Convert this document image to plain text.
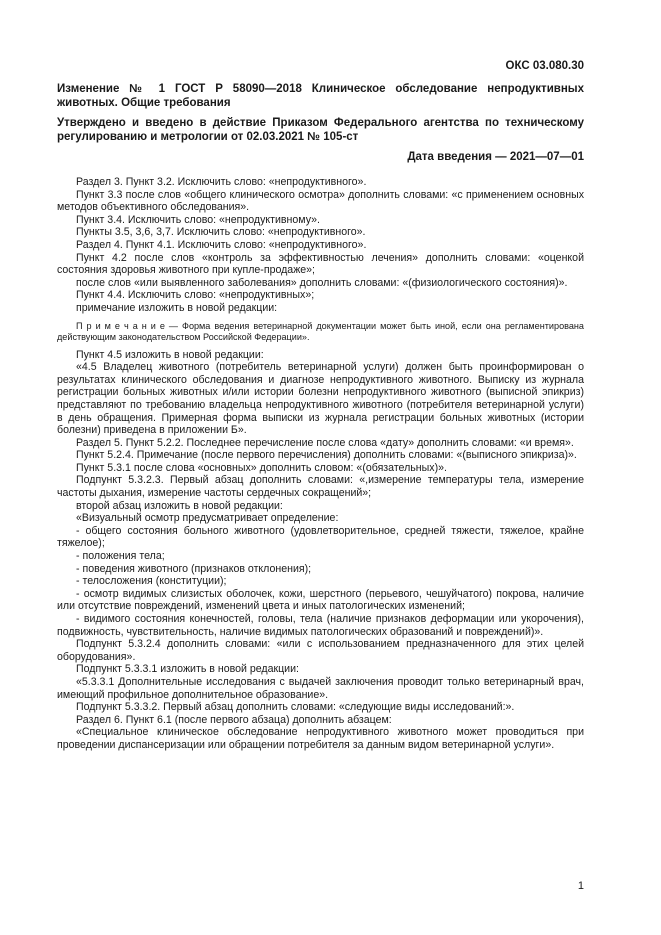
ОКС 03.080.30
Изменение № 1 ГОСТ Р 58090—2018 Клиническое обследование непродуктивных животных. Общие требования
Утверждено и введено в действие Приказом Федерального агентства по техническому регулированию и метрологии от 02.03.2021 № 105-ст
Дата введения — 2021—07—01

Раздел 3. Пункт 3.2. Исключить слово: «непродуктивного».

Пункт 3.3 после слов «общего клинического осмотра» дополнить словами: «с применением основных методов объективного обследования».

Пункт 3.4. Исключить слово: «непродуктивному».

Пункты 3.5, 3,6, 3,7. Исключить слово: «непродуктивного».

Раздел 4. Пункт 4.1. Исключить слово: «непродуктивного».

Пункт 4.2 после слов «контроль за эффективностью лечения» дополнить словами: «оценкой состояния здоровья животного при купле-продаже»;

после слов «или выявленного заболевания» дополнить словами: «(физиологического состояния)».

Пункт 4.4. Исключить слово: «непродуктивных»;

примечание изложить в новой редакции:

П р и м е ч а н и е — Форма ведения ветеринарной документации может быть иной, если она регламентирована действующим законодательством Российской Федерации».

Пункт 4.5 изложить в новой редакции:

«4.5 Владелец животного (потребитель ветеринарной услуги) должен быть проинформирован о результатах клинического обследования и диагнозе непродуктивного животного. Выписку из журнала регистрации больных животных и/или истории болезни непродуктивного животного (выписной эпикриз) представляют по требованию владельца непродуктивного животного (потребителя ветеринарной услуги) в день обращения. Примерная форма выписки из журнала регистрации больных животных (истории болезни) приведена в приложении Б».

Раздел 5. Пункт 5.2.2. Последнее перечисление после слова «дату» дополнить словами: «и время».

Пункт 5.2.4. Примечание (после первого перечисления) дополнить словами: «(выписного эпикриза)».

Пункт 5.3.1 после слова «основных» дополнить словом: «(обязательных)».

Подпункт 5.3.2.3. Первый абзац дополнить словами: «,измерение температуры тела, измерение частоты дыхания, измерение частоты сердечных сокращений»;

второй абзац изложить в новой редакции:

«Визуальный осмотр предусматривает определение:

- общего состояния больного животного (удовлетворительное, средней тяжести, тяжелое, крайне тяжелое);

- положения тела;

- поведения животного (признаков отклонения);

- телосложения (конституции);

- осмотр видимых слизистых оболочек, кожи, шерстного (перьевого, чешуйчатого) покрова, наличие или отсутствие повреждений, изменений цвета и иных патологических изменений;

- видимого состояния конечностей, головы, тела (наличие признаков деформации или укорочения), подвижность, чувствительность, наличие видимых патологических образований и повреждений)».

Подпункт 5.3.2.4 дополнить словами: «или с использованием предназначенного для этих целей оборудования».

Подпункт 5.3.3.1 изложить в новой редакции:

«5.3.3.1 Дополнительные исследования с выдачей заключения проводит только ветеринарный врач, имеющий профильное дополнительное образование».

Подпункт 5.3.3.2. Первый абзац дополнить словами: «следующие виды исследований:».

Раздел 6. Пункт 6.1 (после первого абзаца) дополнить абзацем:

«Специальное клиническое обследование непродуктивного животного может проводиться при проведении диспансеризации или обращении потребителя за данным видом ветеринарной услуги».

1
